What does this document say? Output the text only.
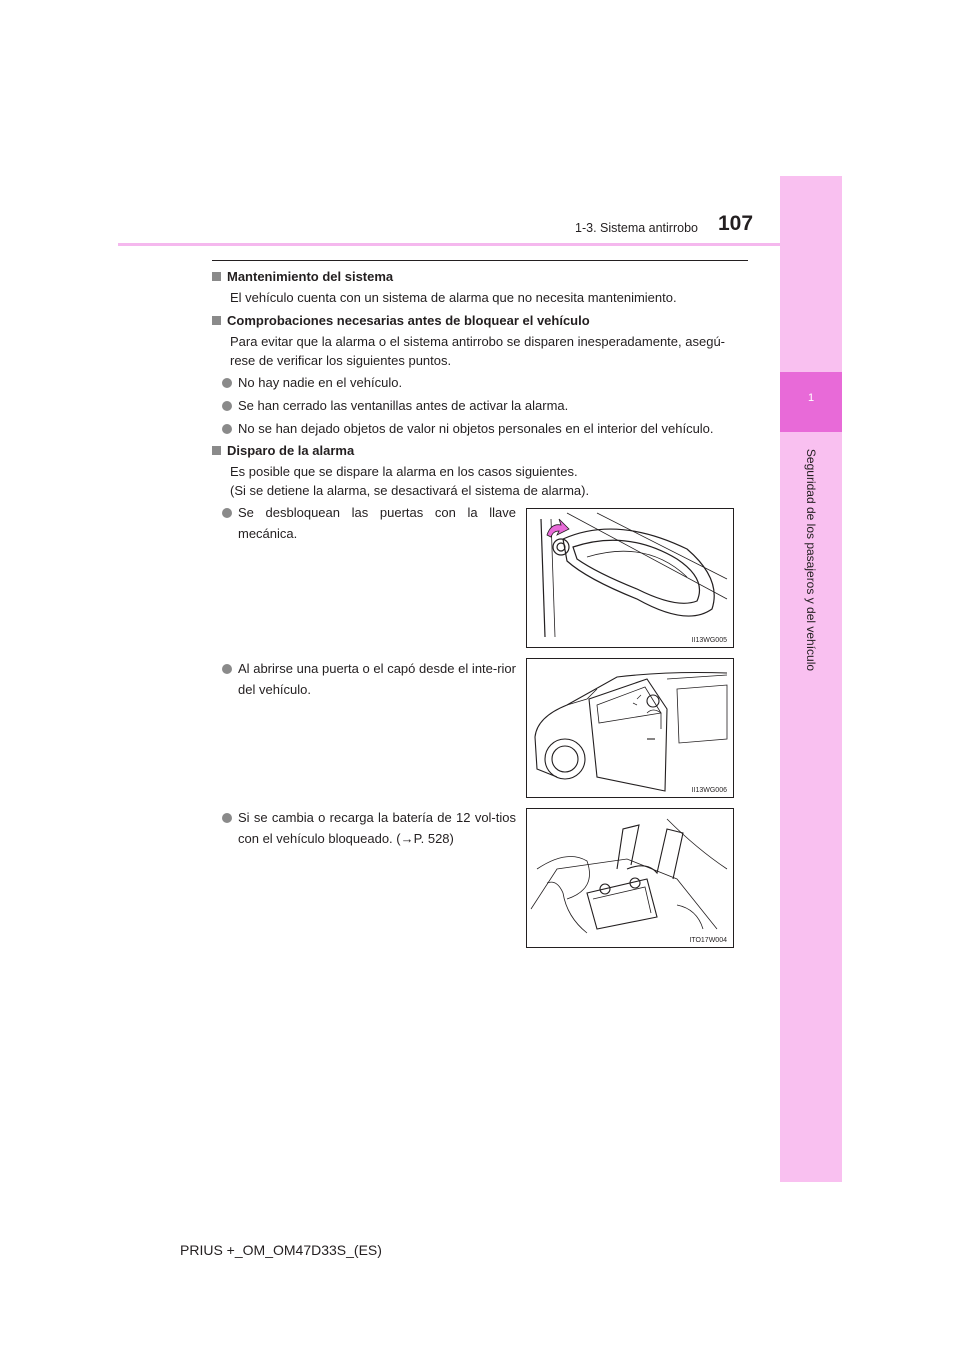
1
Seguridad de los pasajeros y del vehículo
1-3. Sistema antirrobo 107
Mantenimiento del sistema
El vehículo cuenta con un sistema de alarma que no necesita mantenimiento.
Comprobaciones necesarias antes de bloquear el vehículo
Para evitar que la alarma o el sistema antirrobo se disparen inesperadamente, asegú-
rese de verificar los siguientes puntos.
No hay nadie en el vehículo.
Se han cerrado las ventanillas antes de activar la alarma.
No se han dejado objetos de valor ni objetos personales en el interior del vehículo.
Disparo de la alarma
Es posible que se dispare la alarma en los casos siguientes.
(Si se detiene la alarma, se desactivará el sistema de alarma).
Se desbloquean las puertas con la llave mecánica.
II13WG005
Al abrirse una puerta o el capó desde el inte-rior del vehículo.
II13WG006
Si se cambia o recarga la batería de 12 vol-tios con el vehículo bloqueado. (→P. 528)
ITO17W004
PRIUS +_OM_OM47D33S_(ES)
